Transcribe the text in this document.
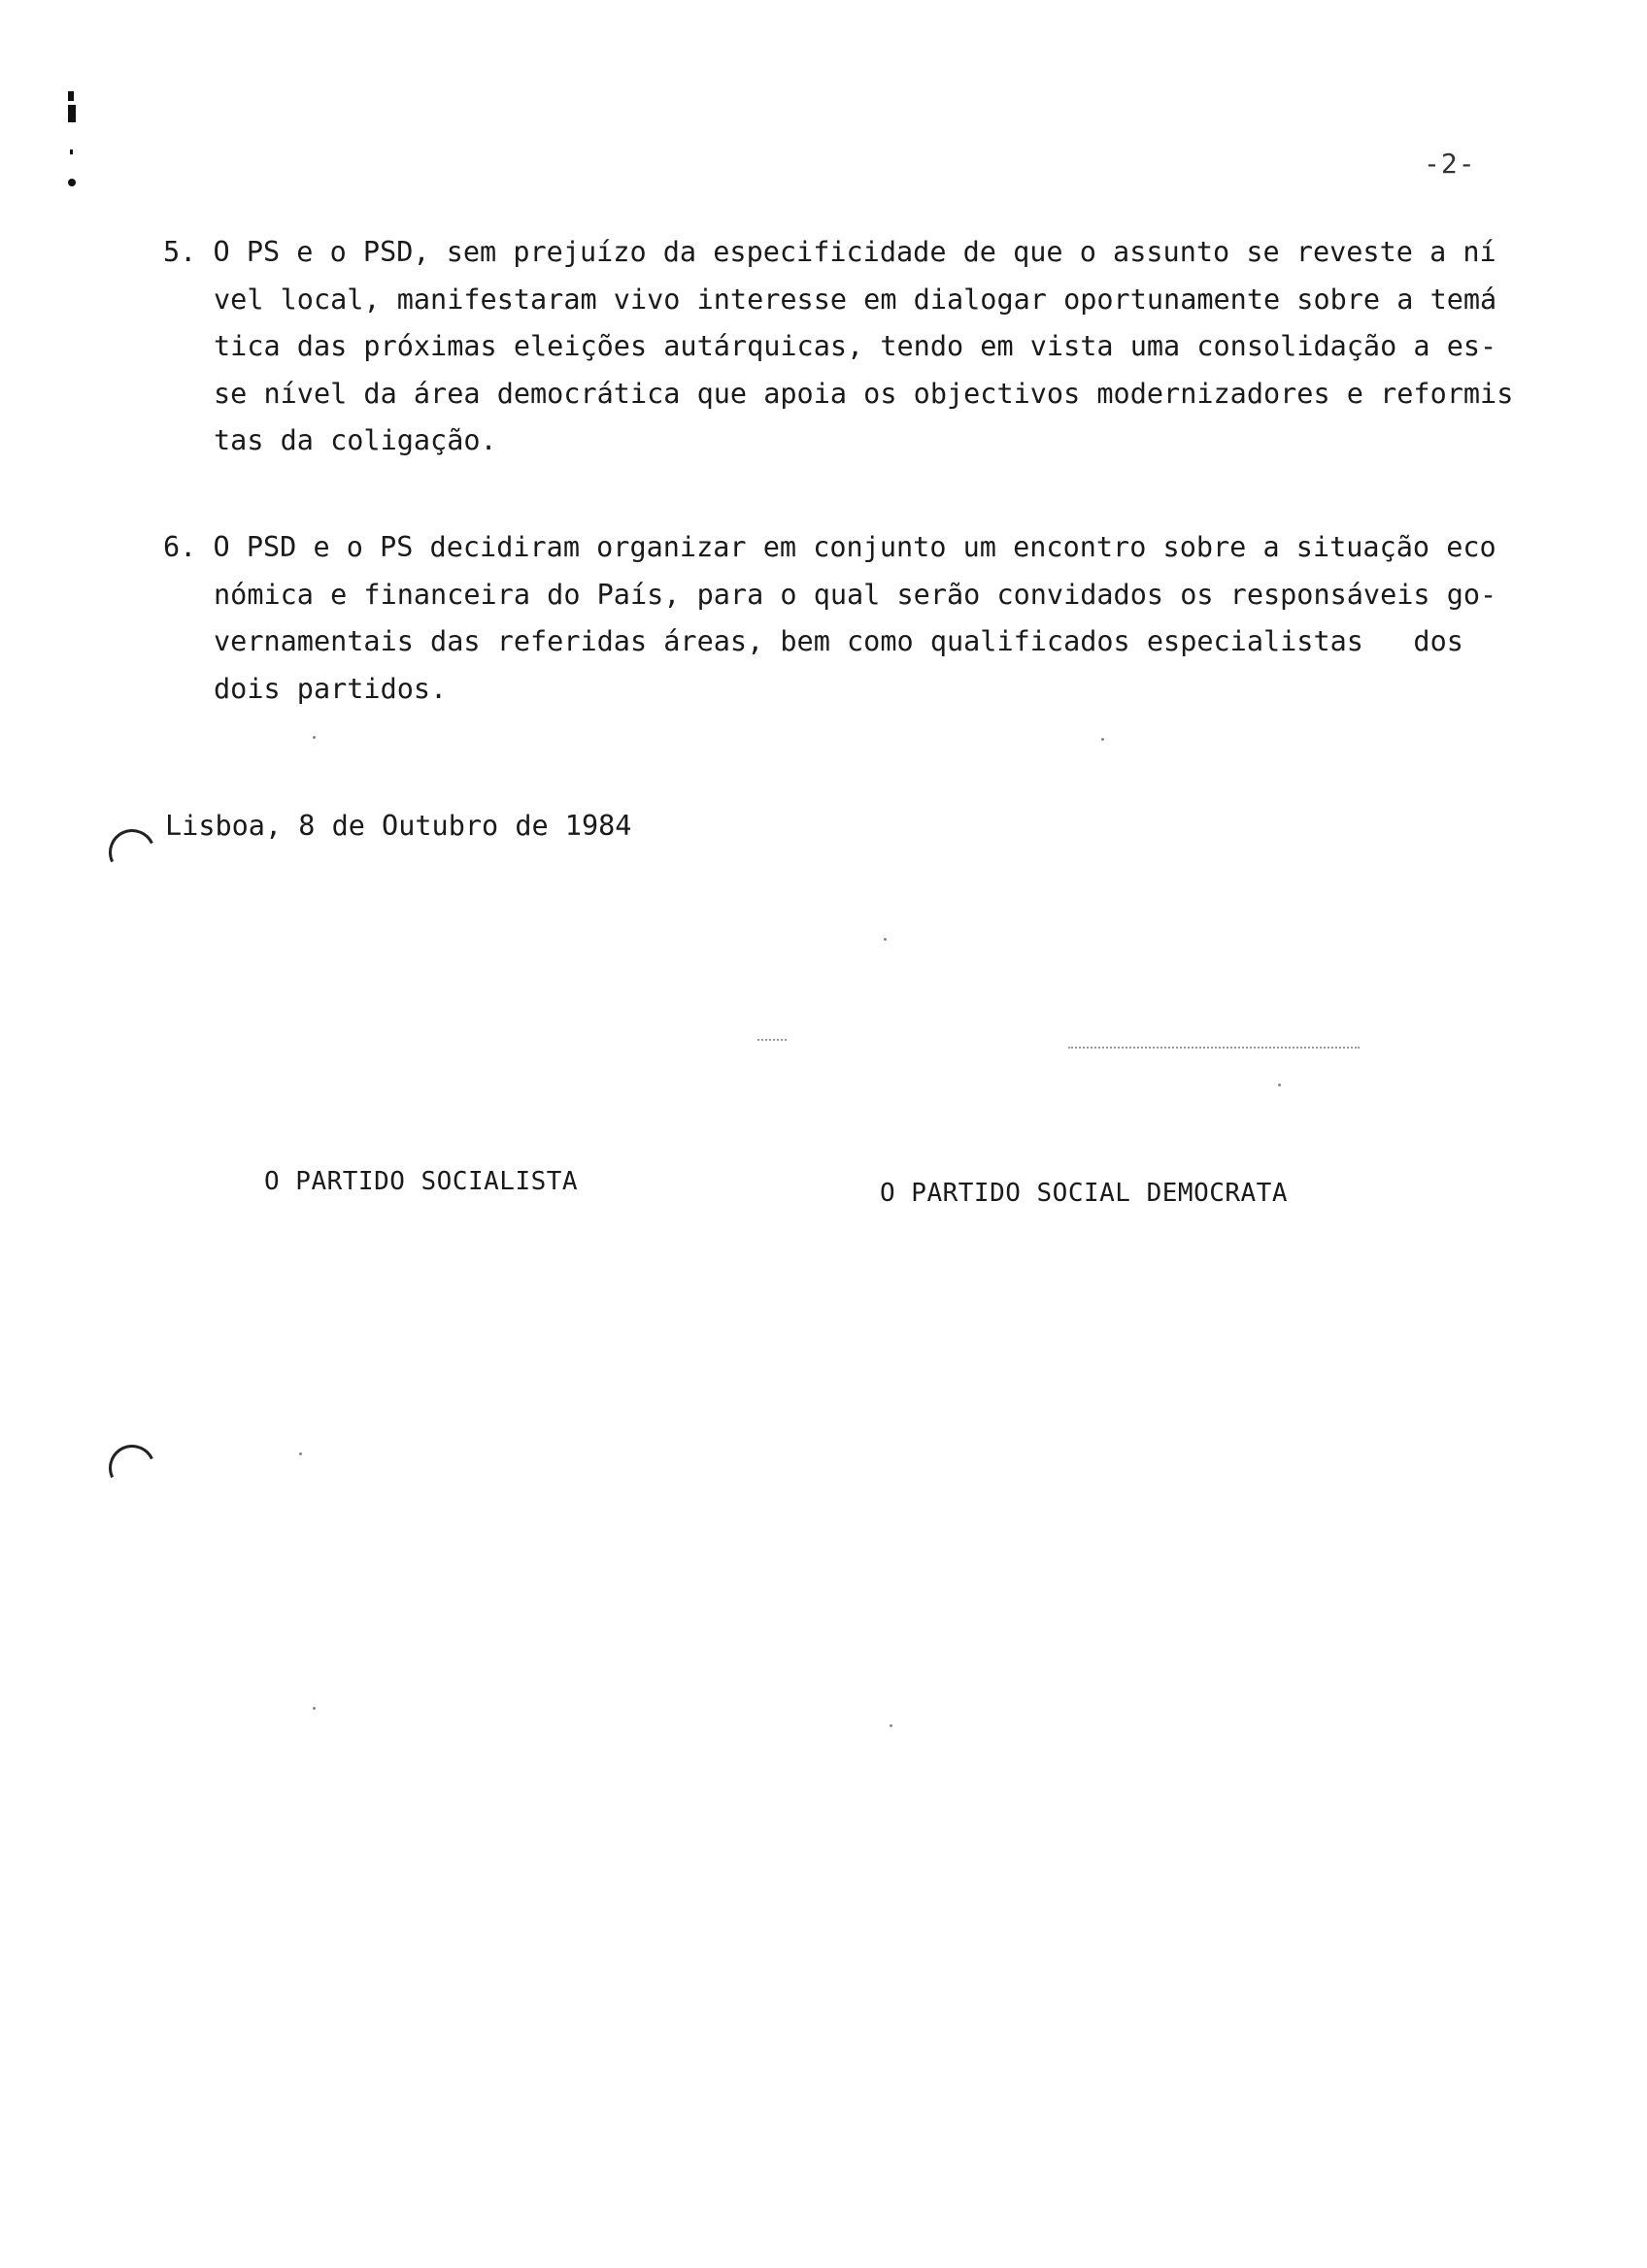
-2-
5. O PS e o PSD, sem prejuízo da especificidade de que o assunto se reveste a ní
vel local, manifestaram vivo interesse em dialogar oportunamente sobre a temá
tica das próximas eleições autárquicas, tendo em vista uma consolidação a es-
se nível da área democrática que apoia os objectivos modernizadores e reformis
tas da coligação.
6. O PSD e o PS decidiram organizar em conjunto um encontro sobre a situação eco
nómica e financeira do País, para o qual serão convidados os responsáveis go-
vernamentais das referidas áreas, bem como qualificados especialistas   dos
dois partidos.
Lisboa, 8 de Outubro de 1984
O PARTIDO SOCIALISTA	O PARTIDO SOCIAL DEMOCRATA
